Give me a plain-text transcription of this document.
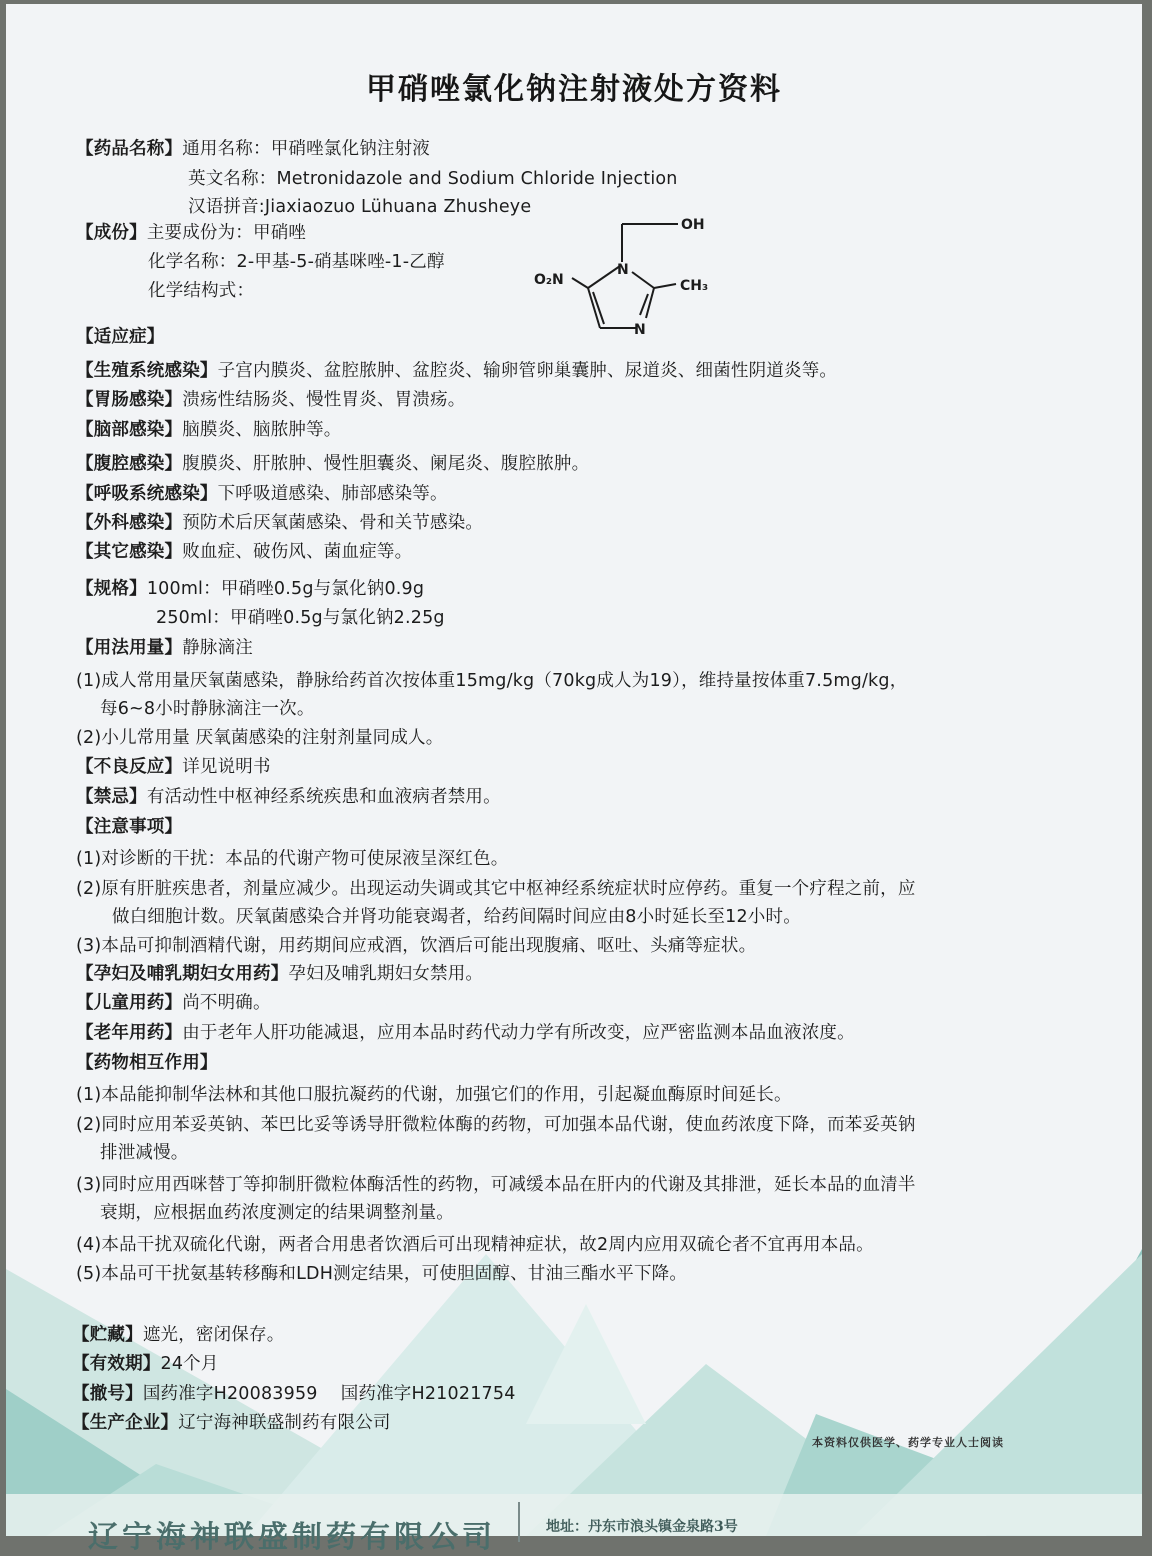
甲硝唑氯化钠注射液处方资料
【药品名称】通用名称：甲硝唑氯化钠注射液
英文名称：Metronidazole and Sodium Chloride Injection
汉语拼音:Jiaxiaozuo Lühuana Zhusheye
【成份】主要成份为：甲硝唑
化学名称：2-甲基-5-硝基咪唑-1-乙醇
化学结构式：
OH
O₂N
N
N
CH₃
【适应症】
【生殖系统感染】子宫内膜炎、盆腔脓肿、盆腔炎、输卵管卵巢囊肿、尿道炎、细菌性阴道炎等。
【胃肠感染】溃疡性结肠炎、慢性胃炎、胃溃疡。
【脑部感染】脑膜炎、脑脓肿等。
【腹腔感染】腹膜炎、肝脓肿、慢性胆囊炎、阑尾炎、腹腔脓肿。
【呼吸系统感染】下呼吸道感染、肺部感染等。
【外科感染】预防术后厌氧菌感染、骨和关节感染。
【其它感染】败血症、破伤风、菌血症等。
【规格】100ml：甲硝唑0.5g与氯化钠0.9g
250ml：甲硝唑0.5g与氯化钠2.25g
【用法用量】静脉滴注
(1)成人常用量厌氧菌感染，静脉给药首次按体重15mg/kg（70kg成人为19），维持量按体重7.5mg/kg，
每6~8小时静脉滴注一次。
(2)小儿常用量 厌氧菌感染的注射剂量同成人。
【不良反应】详见说明书
【禁忌】有活动性中枢神经系统疾患和血液病者禁用。
【注意事项】
(1)对诊断的干扰：本品的代谢产物可使尿液呈深红色。
(2)原有肝脏疾患者，剂量应减少。出现运动失调或其它中枢神经系统症状时应停药。重复一个疗程之前，应
做白细胞计数。厌氧菌感染合并肾功能衰竭者，给药间隔时间应由8小时延长至12小时。
(3)本品可抑制酒精代谢，用药期间应戒酒，饮酒后可能出现腹痛、呕吐、头痛等症状。
【孕妇及哺乳期妇女用药】孕妇及哺乳期妇女禁用。
【儿童用药】尚不明确。
【老年用药】由于老年人肝功能减退，应用本品时药代动力学有所改变，应严密监测本品血液浓度。
【药物相互作用】
(1)本品能抑制华法林和其他口服抗凝药的代谢，加强它们的作用，引起凝血酶原时间延长。
(2)同时应用苯妥英钠、苯巴比妥等诱导肝微粒体酶的药物，可加强本品代谢，使血药浓度下降，而苯妥英钠
排泄减慢。
(3)同时应用西咪替丁等抑制肝微粒体酶活性的药物，可减缓本品在肝内的代谢及其排泄，延长本品的血清半
衰期，应根据血药浓度测定的结果调整剂量。
(4)本品干扰双硫化代谢，两者合用患者饮酒后可出现精神症状，故2周内应用双硫仑者不宜再用本品。
(5)本品可干扰氨基转移酶和LDH测定结果，可使胆固醇、甘油三酯水平下降。
【贮藏】遮光，密闭保存。
【有效期】24个月
【撤号】国药准字H20083959    国药准字H21021754
【生产企业】辽宁海神联盛制药有限公司
本资料仅供医学、药学专业人士阅读
辽宁海神联盛制药有限公司	地址：丹东市浪头镇金泉路3号
